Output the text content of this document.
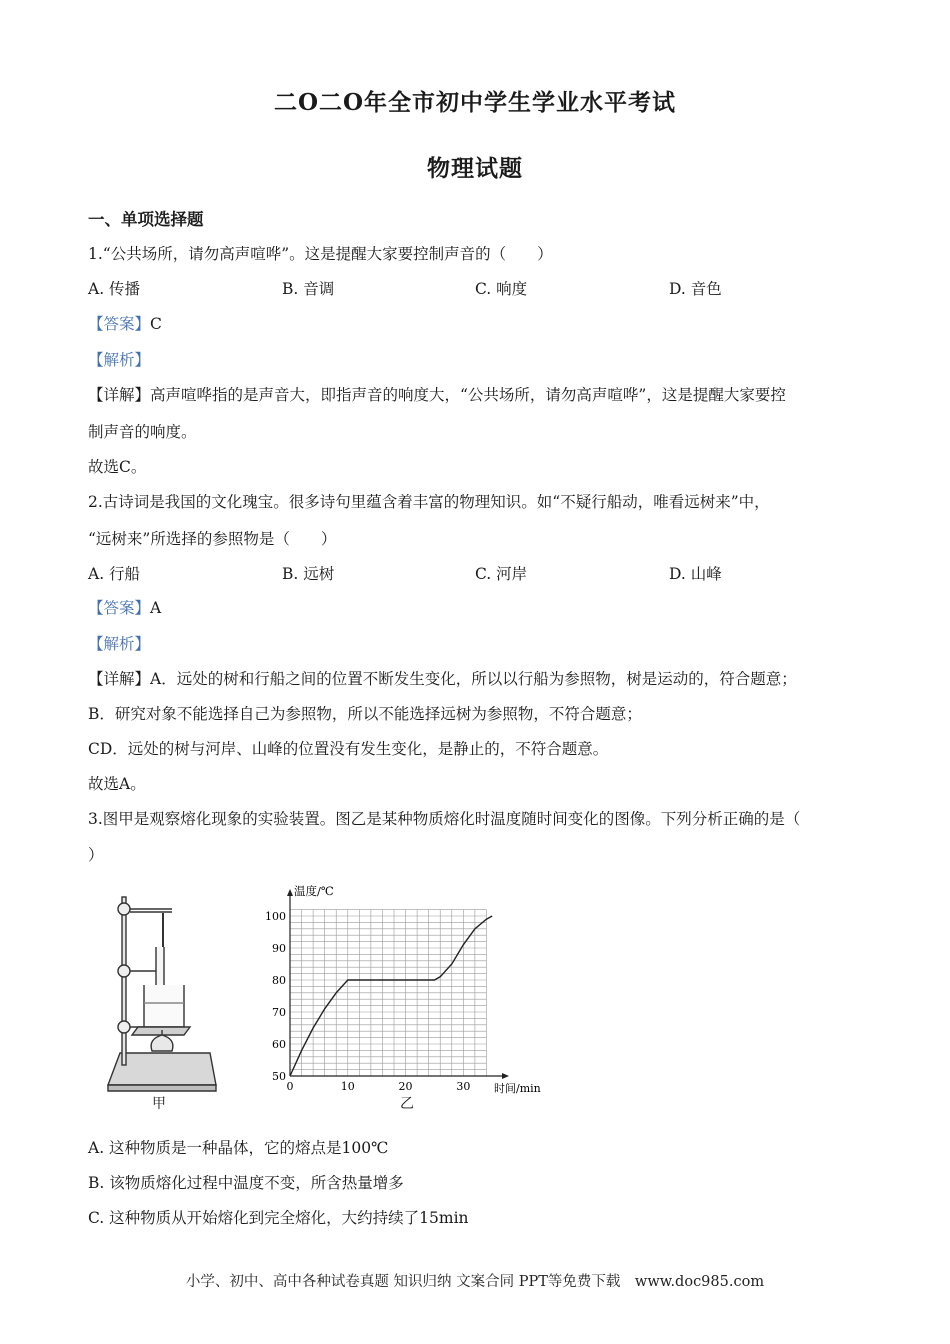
二O二O年全市初中学生学业水平考试
物理试题
一、单项选择题
1.“公共场所，请勿高声喧哗”。这是提醒大家要控制声音的（　　）
A. 传播	B. 音调	C. 响度	D. 音色
【答案】C
【解析】
【详解】高声喧哗指的是声音大，即指声音的响度大，“公共场所，请勿高声喧哗”，这是提醒大家要控
制声音的响度。
故选C。
2.古诗词是我国的文化瑰宝。很多诗句里蕴含着丰富的物理知识。如“不疑行船动，唯看远树来”中，
“远树来”所选择的参照物是（　　）
A. 行船	B. 远树	C. 河岸	D. 山峰
【答案】A
【解析】
【详解】A．远处的树和行船之间的位置不断发生变化，所以以行船为参照物，树是运动的，符合题意；
B．研究对象不能选择自己为参照物，所以不能选择远树为参照物，不符合题意；
CD．远处的树与河岸、山峰的位置没有发生变化，是静止的，不符合题意。
故选A。
3.图甲是观察熔化现象的实验装置。图乙是某种物质熔化时温度随时间变化的图像。下列分析正确的是（
）
甲
0	10	20	30
50
60
70
80
90
100
温度/℃
时间/min
乙
A. 这种物质是一种晶体，它的熔点是100℃
B. 该物质熔化过程中温度不变，所含热量增多
C. 这种物质从开始熔化到完全熔化，大约持续了15min
小学、初中、高中各种试卷真题 知识归纳 文案合同 PPT等免费下载　www.doc985.com
